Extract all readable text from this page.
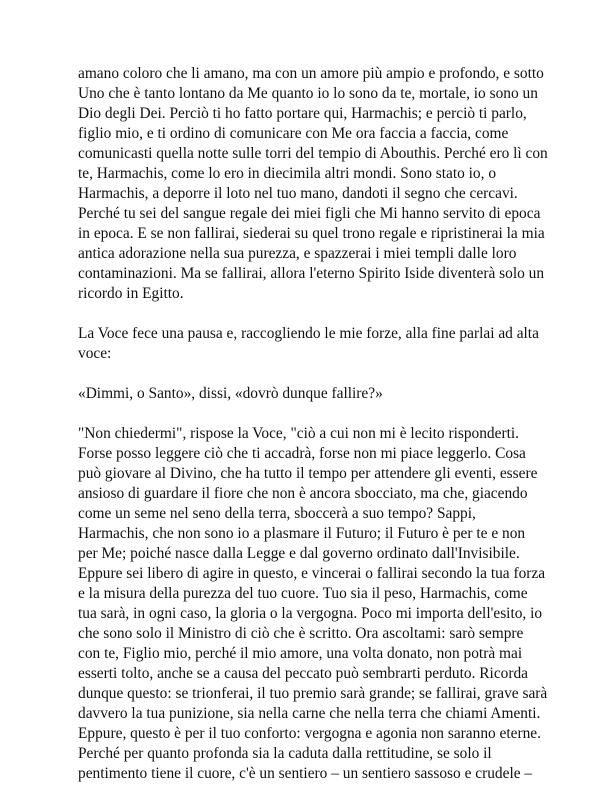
amano coloro che li amano, ma con un amore più ampio e profondo, e sotto
Uno che è tanto lontano da Me quanto io lo sono da te, mortale, io sono un
Dio degli Dei. Perciò ti ho fatto portare qui, Harmachis; e perciò ti parlo,
figlio mio, e ti ordino di comunicare con Me ora faccia a faccia, come
comunicasti quella notte sulle torri del tempio di Abouthis. Perché ero lì con
te, Harmachis, come lo ero in diecimila altri mondi. Sono stato io, o
Harmachis, a deporre il loto nel tuo mano, dandoti il segno che cercavi.
Perché tu sei del sangue regale dei miei figli che Mi hanno servito di epoca
in epoca. E se non fallirai, siederai su quel trono regale e ripristinerai la mia
antica adorazione nella sua purezza, e spazzerai i miei templi dalle loro
contaminazioni. Ma se fallirai, allora l'eterno Spirito Iside diventerà solo un
ricordo in Egitto.

La Voce fece una pausa e, raccogliendo le mie forze, alla fine parlai ad alta
voce:

«Dimmi, o Santo», dissi, «dovrò dunque fallire?»

"Non chiedermi", rispose la Voce, "ciò a cui non mi è lecito risponderti.
Forse posso leggere ciò che ti accadrà, forse non mi piace leggerlo. Cosa
può giovare al Divino, che ha tutto il tempo per attendere gli eventi, essere
ansioso di guardare il fiore che non è ancora sbocciato, ma che, giacendo
come un seme nel seno della terra, sboccerà a suo tempo? Sappi,
Harmachis, che non sono io a plasmare il Futuro; il Futuro è per te e non
per Me; poiché nasce dalla Legge e dal governo ordinato dall'Invisibile.
Eppure sei libero di agire in questo, e vincerai o fallirai secondo la tua forza
e la misura della purezza del tuo cuore. Tuo sia il peso, Harmachis, come
tua sarà, in ogni caso, la gloria o la vergogna. Poco mi importa dell'esito, io
che sono solo il Ministro di ciò che è scritto. Ora ascoltami: sarò sempre
con te, Figlio mio, perché il mio amore, una volta donato, non potrà mai
esserti tolto, anche se a causa del peccato può sembrarti perduto. Ricorda
dunque questo: se trionferai, il tuo premio sarà grande; se fallirai, grave sarà
davvero la tua punizione, sia nella carne che nella terra che chiami Amenti.
Eppure, questo è per il tuo conforto: vergogna e agonia non saranno eterne.
Perché per quanto profonda sia la caduta dalla rettitudine, se solo il
pentimento tiene il cuore, c'è un sentiero – un sentiero sassoso e crudele –
